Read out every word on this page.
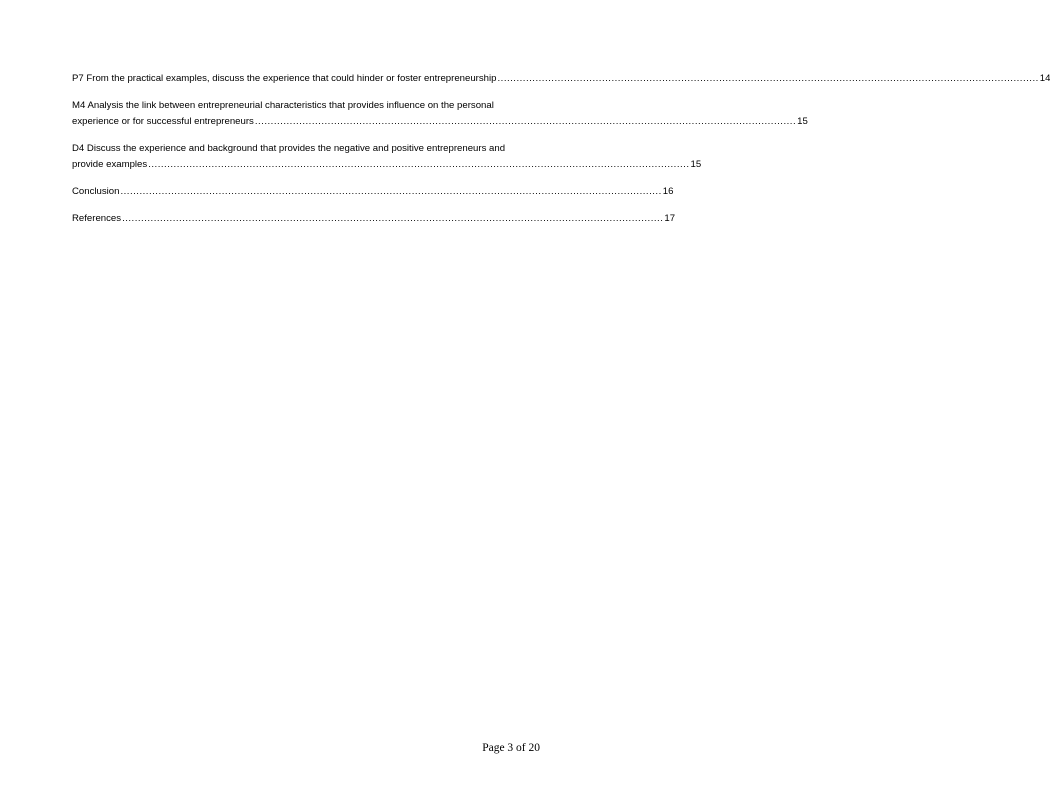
P7 From the practical examples, discuss the experience that could hinder or foster entrepreneurship ........................................................................................................................................................................... 14
M4 Analysis the link between entrepreneurial characteristics that provides influence on the personal
experience or for successful entrepreneurs ........................................................................................................................................................................... 15
D4 Discuss the experience and background that provides the negative and positive entrepreneurs and
provide examples ........................................................................................................................................................................... 15
Conclusion ........................................................................................................................................................................... 16
References ........................................................................................................................................................................... 17
Page 3 of 20
